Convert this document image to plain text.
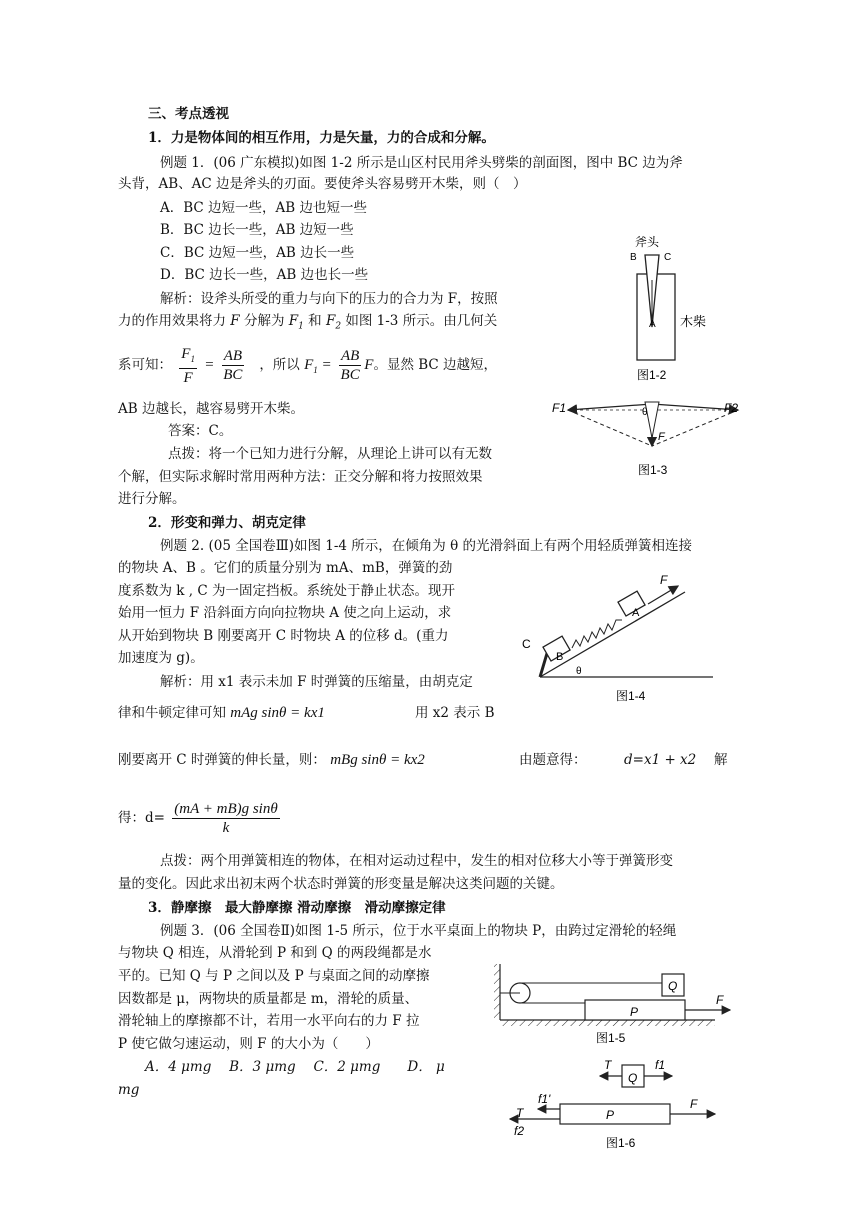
三、考点透视
1．力是物体间的相互作用，力是矢量，力的合成和分解。
例题 1．(06 广东模拟)如图 1-2 所示是山区村民用斧头劈柴的剖面图，图中 BC 边为斧
头背，AB、AC 边是斧头的刃面。要使斧头容易劈开木柴，则（　）
A．BC 边短一些，AB 边也短一些
B．BC 边长一些，AB 边短一些
C．BC 边短一些，AB 边长一些
D．BC 边长一些，AB 边也长一些
解析：设斧头所受的重力与向下的压力的合力为 F，按照
力的作用效果将力 F 分解为 $F_1$ 和 $F_2$ 如图 1-3 所示。由几何关
系可知： $\frac{F_1}{F} = \frac{AB}{BC}$ ，所以 $F_1 = \frac{AB}{BC}$ F。显然 BC 边越短，
AB 边越长，越容易劈开木柴。
答案：C。
点拨：将一个已知力进行分解，从理论上讲可以有无数
个解，但实际求解时常用两种方法：正交分解和将力按照效果
进行分解。
斧头
B	C
A 木柴
图1-2
F1	F2
θ
F
图1-3
2．形变和弹力、胡克定律
例题 2. (05 全国卷Ⅲ)如图 1-4 所示，在倾角为 θ 的光滑斜面上有两个用轻质弹簧相连接
的物块 A、B 。它们的质量分别为 mA、mB，弹簧的劲
度系数为 k , C 为一固定挡板。系统处于静止状态。现开
始用一恒力 F 沿斜面方向向拉物块 A 使之向上运动，求
从开始到物块 B 刚要离开 C 时物块 A 的位移 d。(重力
加速度为 g)。
解析：用 x1 表示未加 F 时弹簧的压缩量，由胡克定
律和牛顿定律可知 mAg sinθ = kx1	用 x2 表示 B
C
B
A
F
θ
图1-4
刚要离开 C 时弹簧的伸长量，则： mBg sinθ = kx2	由题意得：	d=x1 + x2 解
得：$d= \frac{\text{(mA + mB)g sinθ}}{k}$
点拨：两个用弹簧相连的物体，在相对运动过程中，发生的相对位移大小等于弹簧形变
量的变化。因此求出初末两个状态时弹簧的形变量是解决这类问题的关键。
3．静摩擦　最大静摩擦 滑动摩擦　滑动摩擦定律
例题 3．(06 全国卷Ⅱ)如图 1-5 所示，位于水平桌面上的物块 P，由跨过定滑轮的轻绳
与物块 Q 相连，从滑轮到 P 和到 Q 的两段绳都是水
平的。已知 Q 与 P 之间以及 P 与桌面之间的动摩擦
因数都是 μ，两物块的质量都是 m，滑轮的质量、
滑轮轴上的摩擦都不计，若用一水平向右的力 F 拉
P 使它做匀速运动，则 F 的大小为（　　）
A．4 μmg　 B．3 μmg　 C．2 μmg　　D． μ
mg
Q
P
F
图1-5
T
Q
f1
f1'
T	P
F
f2
图1-6
